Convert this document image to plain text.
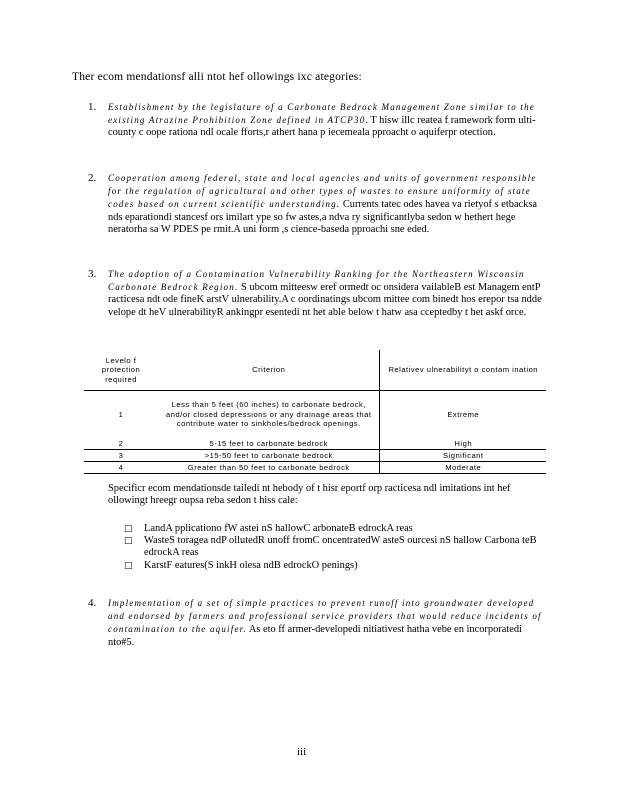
Ther ecom mendationsf alli ntot hef ollowings ixc ategories:
1. Establishment by the legislature of a Carbonate Bedrock Management Zone similar to the existing Atrazine Prohibition Zone defined in ATCP30. T hisw illc reatea f ramework form ulti-county c oope rationa ndl ocale fforts,r athert hana p iecemeala pproacht o aquiferpr otection.
2. Cooperation among federal, state and local agencies and units of government responsible for the regulation of agricultural and other types of wastes to ensure uniformity of state codes based on current scientific understanding. Currents tatec odes havea va rietyof s etbacksa nds eparationdi stancesf ors imilart ype so fw astes,a ndva ry significantlyba sedon w hethert hege neratorha sa W PDES pe rmit.A uni form ,s cience-baseda pproachi sne eded.
3. The adoption of a Contamination Vulnerability Ranking for the Northeastern Wisconsin Carbonate Bedrock Region. S ubcom mitteesw eref ormedt oc onsidera vailableB est Managem entP racticesa ndt ode fineK arstV ulnerability.A c oordinatings ubcom mittee com binedt hos erepor tsa ndde velope dt heV ulnerabilityR ankingpr esentedi nt het able below t hatw asa cceptedby t het askf orce.
Levelo f protection required	Criterion	Relativev ulnerabilityt o contam ination
1	Less than 5 feet (60 inches) to carbonate bedrock, and/or closed depressions or any drainage areas that contribute water to sinkholes/bedrock openings.	Extreme
2	5-15 feet to carbonate bedrock	High
3	>15-50 feet to carbonate bedrock	Significant
4	Greater than 50 feet to carbonate bedrock	Moderate
Specificr ecom mendationsde tailedi nt hebody of t hisr eportf orp racticesa ndl imitations int hef ollowingt hreegr oupsa reba sedon t hiss cale:
□ LandA pplicationo fW astei nS hallowC arbonateB edrockA reas
□ WasteS toragea ndP ollutedR unoff fromC oncentratedW asteS ourcesi nS hallow Carbona teB edrockA reas
□ KarstF eatures(S inkH olesa ndB edrockO penings)
4. Implementation of a set of simple practices to prevent runoff into groundwater developed and endorsed by farmers and professional service providers that would reduce incidents of contamination to the aquifer. As eto ff armer-developedi nitiativest hatha vebe en incorporatedi nto#5.
iii
